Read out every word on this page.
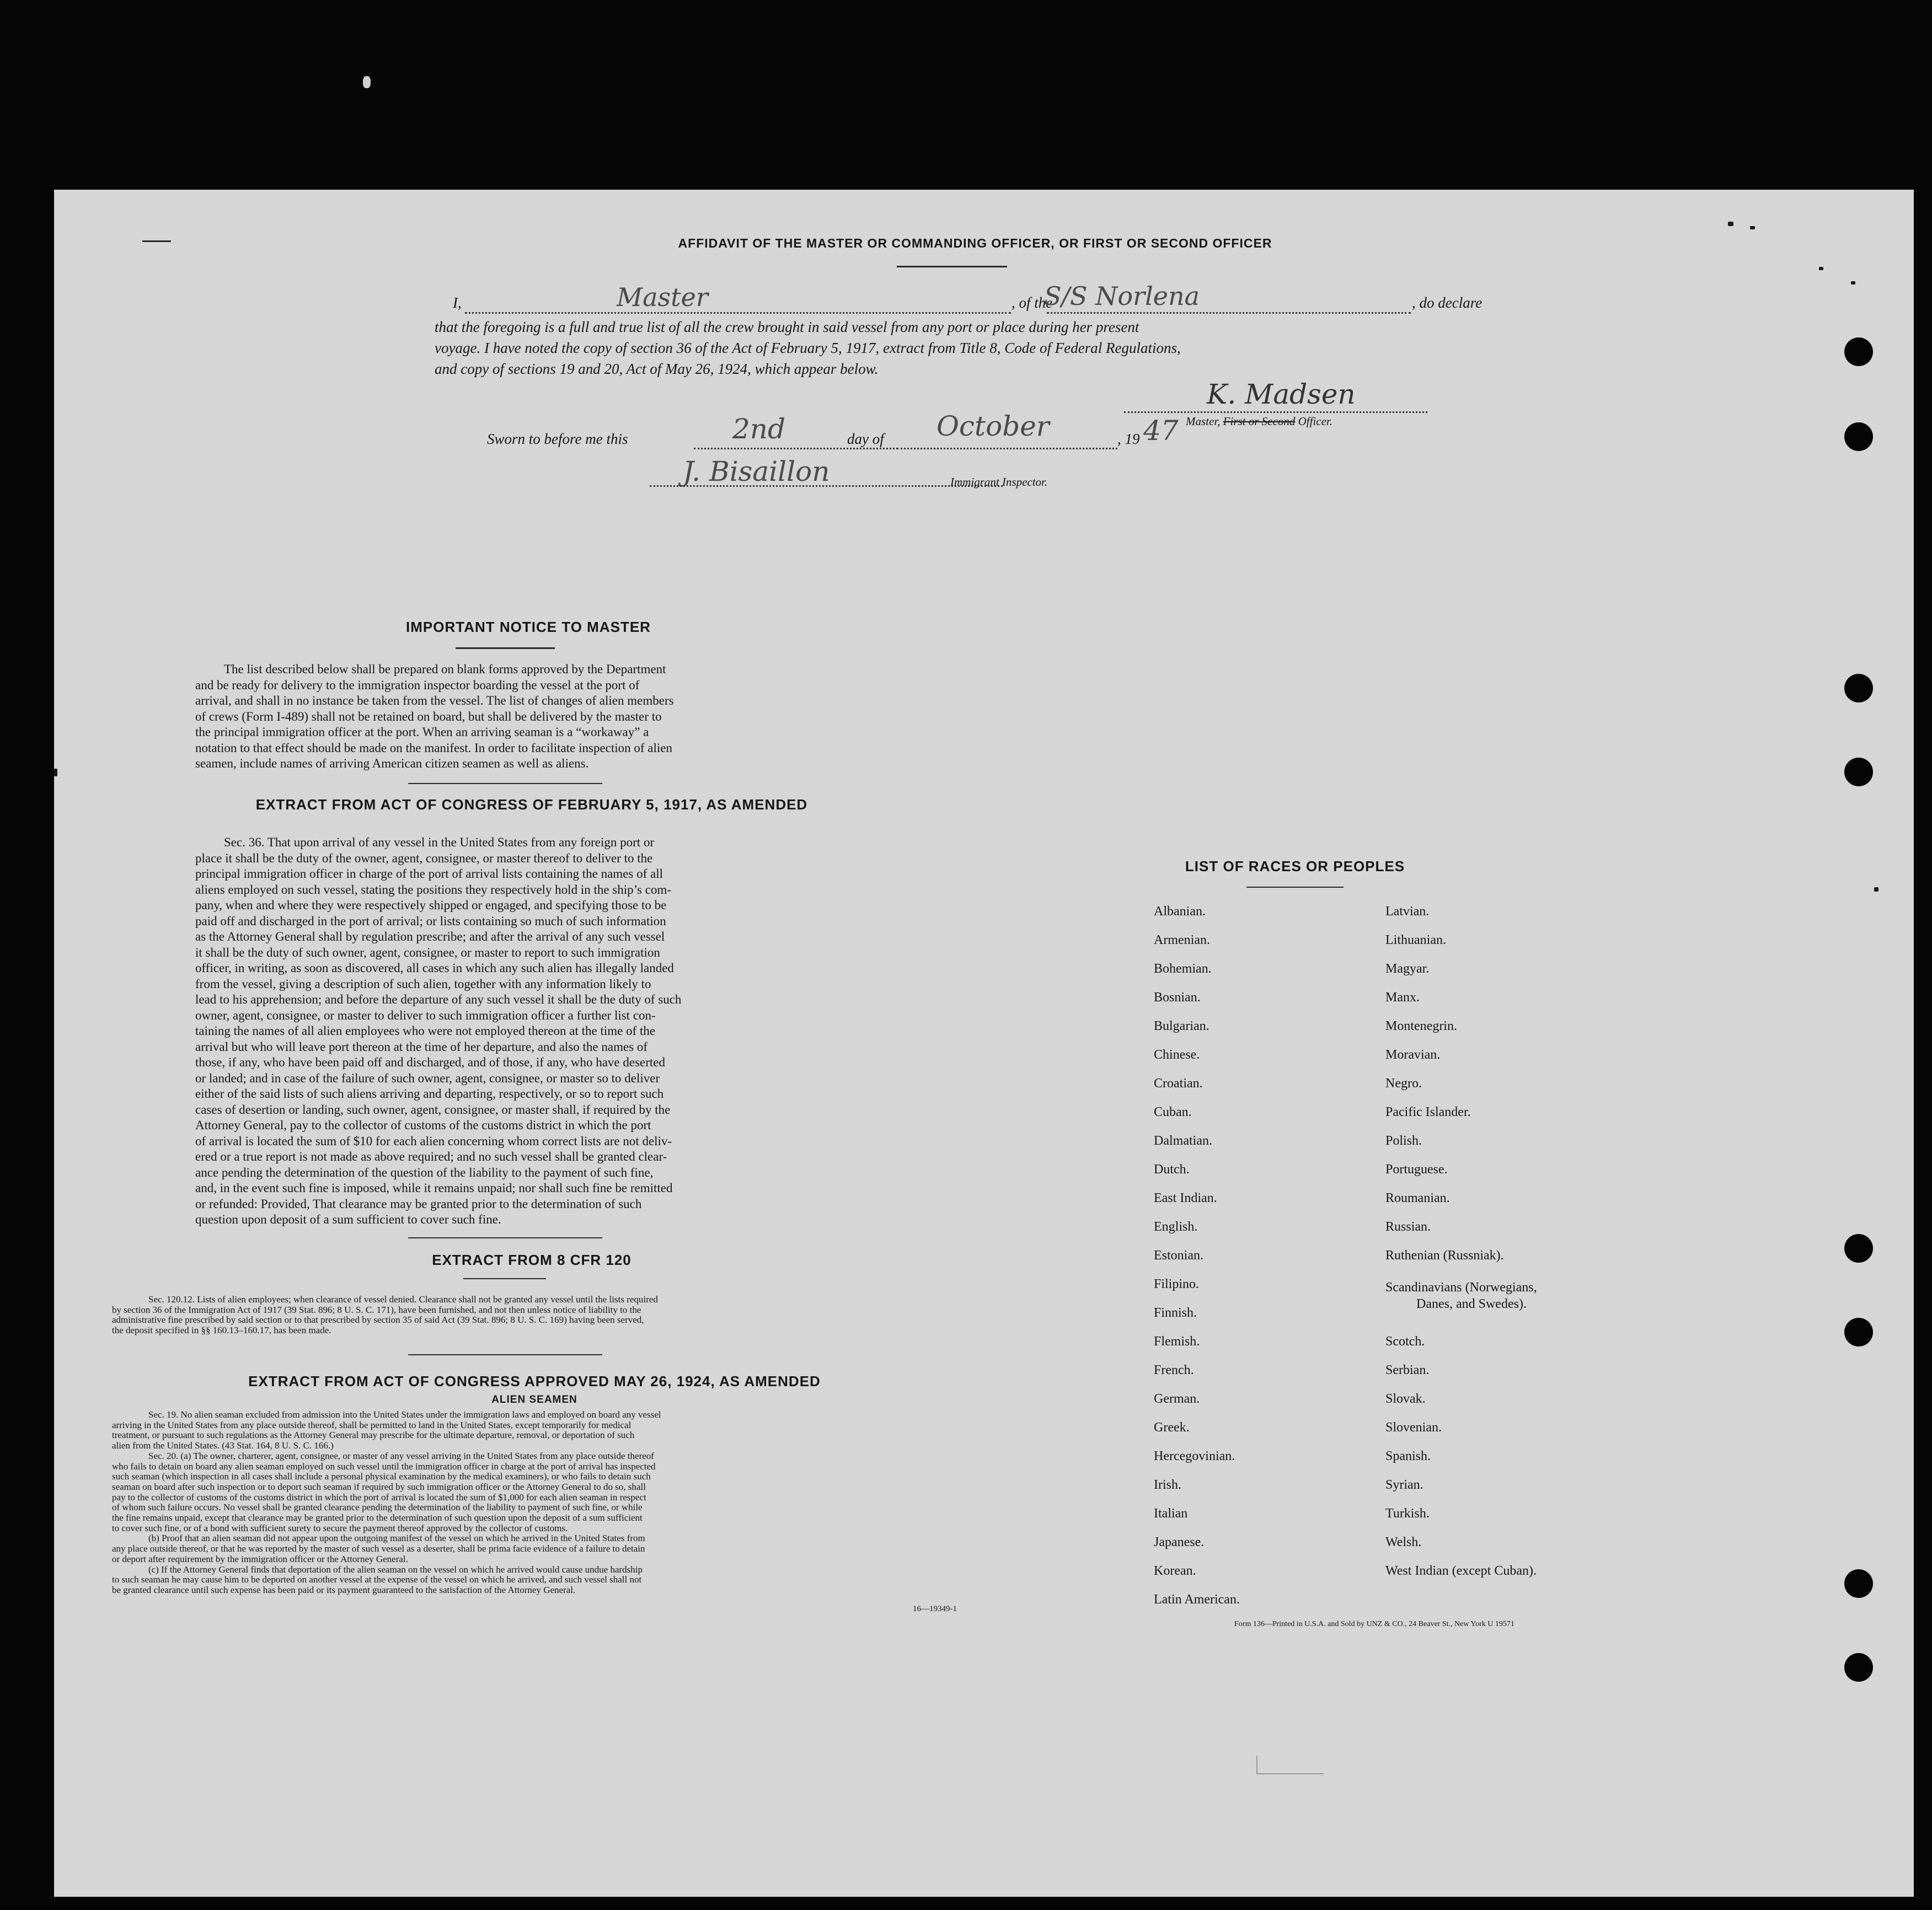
AFFIDAVIT OF THE MASTER OR COMMANDING OFFICER, OR FIRST OR SECOND OFFICER
I,	Master	, of the
S/S Norlena	, do declare
that the foregoing is a full and true list of all the crew brought in said vessel from any port or place during her present
voyage. I have noted the copy of section 36 of the Act of February 5, 1917, extract from Title 8, Code of Federal Regulations,
and copy of sections 19 and 20, Act of May 26, 1924, which appear below.
K. Madsen
Master, First or Second Officer.
Sworn to before me this	2nd	day of October	, 19 47
J. Bisaillon	Immigrant Inspector.
IMPORTANT NOTICE TO MASTER
The list described below shall be prepared on blank forms approved by the Department
and be ready for delivery to the immigration inspector boarding the vessel at the port of
arrival, and shall in no instance be taken from the vessel. The list of changes of alien members
of crews (Form I-489) shall not be retained on board, but shall be delivered by the master to
the principal immigration officer at the port. When an arriving seaman is a “workaway” a
notation to that effect should be made on the manifest. In order to facilitate inspection of alien
seamen, include names of arriving American citizen seamen as well as aliens.
EXTRACT FROM ACT OF CONGRESS OF FEBRUARY 5, 1917, AS AMENDED
Sec. 36. That upon arrival of any vessel in the United States from any foreign port or
place it shall be the duty of the owner, agent, consignee, or master thereof to deliver to the
principal immigration officer in charge of the port of arrival lists containing the names of all
aliens employed on such vessel, stating the positions they respectively hold in the ship’s com-
pany, when and where they were respectively shipped or engaged, and specifying those to be
paid off and discharged in the port of arrival; or lists containing so much of such information
as the Attorney General shall by regulation prescribe; and after the arrival of any such vessel
it shall be the duty of such owner, agent, consignee, or master to report to such immigration
officer, in writing, as soon as discovered, all cases in which any such alien has illegally landed
from the vessel, giving a description of such alien, together with any information likely to
lead to his apprehension; and before the departure of any such vessel it shall be the duty of such
owner, agent, consignee, or master to deliver to such immigration officer a further list con-
taining the names of all alien employees who were not employed thereon at the time of the
arrival but who will leave port thereon at the time of her departure, and also the names of
those, if any, who have been paid off and discharged, and of those, if any, who have deserted
or landed; and in case of the failure of such owner, agent, consignee, or master so to deliver
either of the said lists of such aliens arriving and departing, respectively, or so to report such
cases of desertion or landing, such owner, agent, consignee, or master shall, if required by the
Attorney General, pay to the collector of customs of the customs district in which the port
of arrival is located the sum of $10 for each alien concerning whom correct lists are not deliv-
ered or a true report is not made as above required; and no such vessel shall be granted clear-
ance pending the determination of the question of the liability to the payment of such fine,
and, in the event such fine is imposed, while it remains unpaid; nor shall such fine be remitted
or refunded: Provided, That clearance may be granted prior to the determination of such
question upon deposit of a sum sufficient to cover such fine.
EXTRACT FROM 8 CFR 120
Sec. 120.12. Lists of alien employees; when clearance of vessel denied. Clearance shall not be granted any vessel until the lists required
by section 36 of the Immigration Act of 1917 (39 Stat. 896; 8 U. S. C. 171), have been furnished, and not then unless notice of liability to the
administrative fine prescribed by said section or to that prescribed by section 35 of said Act (39 Stat. 896; 8 U. S. C. 169) having been served,
the deposit specified in §§ 160.13–160.17, has been made.
EXTRACT FROM ACT OF CONGRESS APPROVED MAY 26, 1924, AS AMENDED
ALIEN SEAMEN
Sec. 19. No alien seaman excluded from admission into the United States under the immigration laws and employed on board any vessel
arriving in the United States from any place outside thereof, shall be permitted to land in the United States, except temporarily for medical
treatment, or pursuant to such regulations as the Attorney General may prescribe for the ultimate departure, removal, or deportation of such
alien from the United States. (43 Stat. 164, 8 U. S. C. 166.)
Sec. 20. (a) The owner, charterer, agent, consignee, or master of any vessel arriving in the United States from any place outside thereof
who fails to detain on board any alien seaman employed on such vessel until the immigration officer in charge at the port of arrival has inspected
such seaman (which inspection in all cases shall include a personal physical examination by the medical examiners), or who fails to detain such
seaman on board after such inspection or to deport such seaman if required by such immigration officer or the Attorney General to do so, shall
pay to the collector of customs of the customs district in which the port of arrival is located the sum of $1,000 for each alien seaman in respect
of whom such failure occurs. No vessel shall be granted clearance pending the determination of the liability to payment of such fine, or while
the fine remains unpaid, except that clearance may be granted prior to the determination of such question upon the deposit of a sum sufficient
to cover such fine, or of a bond with sufficient surety to secure the payment thereof approved by the collector of customs.
(b) Proof that an alien seaman did not appear upon the outgoing manifest of the vessel on which he arrived in the United States from
any place outside thereof, or that he was reported by the master of such vessel as a deserter, shall be prima facie evidence of a failure to detain
or deport after requirement by the immigration officer or the Attorney General.
(c) If the Attorney General finds that deportation of the alien seaman on the vessel on which he arrived would cause undue hardship
to such seaman he may cause him to be deported on another vessel at the expense of the vessel on which he arrived, and such vessel shall not
be granted clearance until such expense has been paid or its payment guaranteed to the satisfaction of the Attorney General.
16—19349-1
LIST OF RACES OR PEOPLES
Albanian.
Armenian.
Bohemian.
Bosnian.
Bulgarian.
Chinese.
Croatian.
Cuban.
Dalmatian.
Dutch.
East Indian.
English.
Estonian.
Filipino.
Finnish.
Flemish.
French.
German.
Greek.
Hercegovinian.
Irish.
Italian
Japanese.
Korean.
Latin American.
Latvian.
Lithuanian.
Magyar.
Manx.
Montenegrin.
Moravian.
Negro.
Pacific Islander.
Polish.
Portuguese.
Roumanian.
Russian.
Ruthenian (Russniak).
Scandinavians (Norwegians,
Danes, and Swedes).
Scotch.
Serbian.
Slovak.
Slovenian.
Spanish.
Syrian.
Turkish.
Welsh.
West Indian (except Cuban).
Form 136—Printed in U.S.A. and Sold by UNZ & CO., 24 Beaver St., New York U 19571
